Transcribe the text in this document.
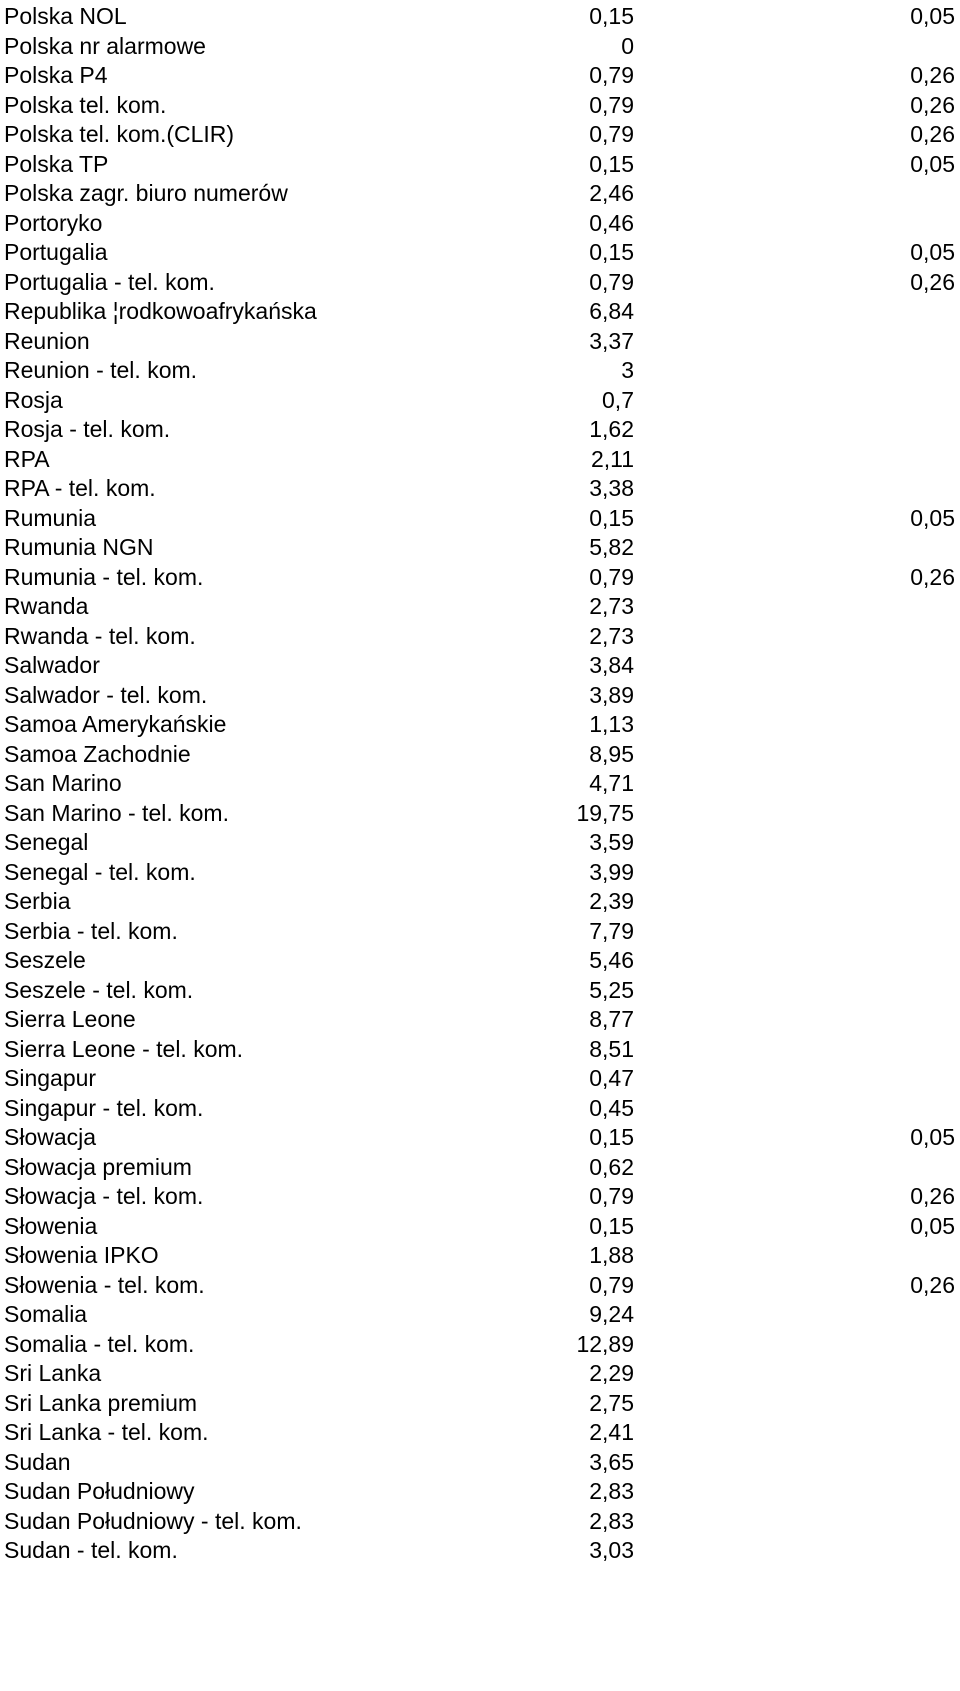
Polska NOL	0,15	0,05
Polska nr alarmowe	0
Polska P4	0,79	0,26
Polska tel. kom.	0,79	0,26
Polska tel. kom.(CLIR)	0,79	0,26
Polska TP	0,15	0,05
Polska zagr. biuro numerów	2,46
Portoryko	0,46
Portugalia	0,15	0,05
Portugalia - tel. kom.	0,79	0,26
Republika ¦rodkowoafrykańska	6,84
Reunion	3,37
Reunion - tel. kom.	3
Rosja	0,7
Rosja - tel. kom.	1,62
RPA	2,11
RPA - tel. kom.	3,38
Rumunia	0,15	0,05
Rumunia NGN	5,82
Rumunia - tel. kom.	0,79	0,26
Rwanda	2,73
Rwanda - tel. kom.	2,73
Salwador	3,84
Salwador - tel. kom.	3,89
Samoa Amerykańskie	1,13
Samoa Zachodnie	8,95
San Marino	4,71
San Marino - tel. kom.	19,75
Senegal	3,59
Senegal - tel. kom.	3,99
Serbia	2,39
Serbia - tel. kom.	7,79
Seszele	5,46
Seszele - tel. kom.	5,25
Sierra Leone	8,77
Sierra Leone - tel. kom.	8,51
Singapur	0,47
Singapur - tel. kom.	0,45
Słowacja	0,15	0,05
Słowacja premium	0,62
Słowacja - tel. kom.	0,79	0,26
Słowenia	0,15	0,05
Słowenia IPKO	1,88
Słowenia - tel. kom.	0,79	0,26
Somalia	9,24
Somalia - tel. kom.	12,89
Sri Lanka	2,29
Sri Lanka premium	2,75
Sri Lanka - tel. kom.	2,41
Sudan	3,65
Sudan Południowy	2,83
Sudan Południowy - tel. kom.	2,83
Sudan - tel. kom.	3,03
